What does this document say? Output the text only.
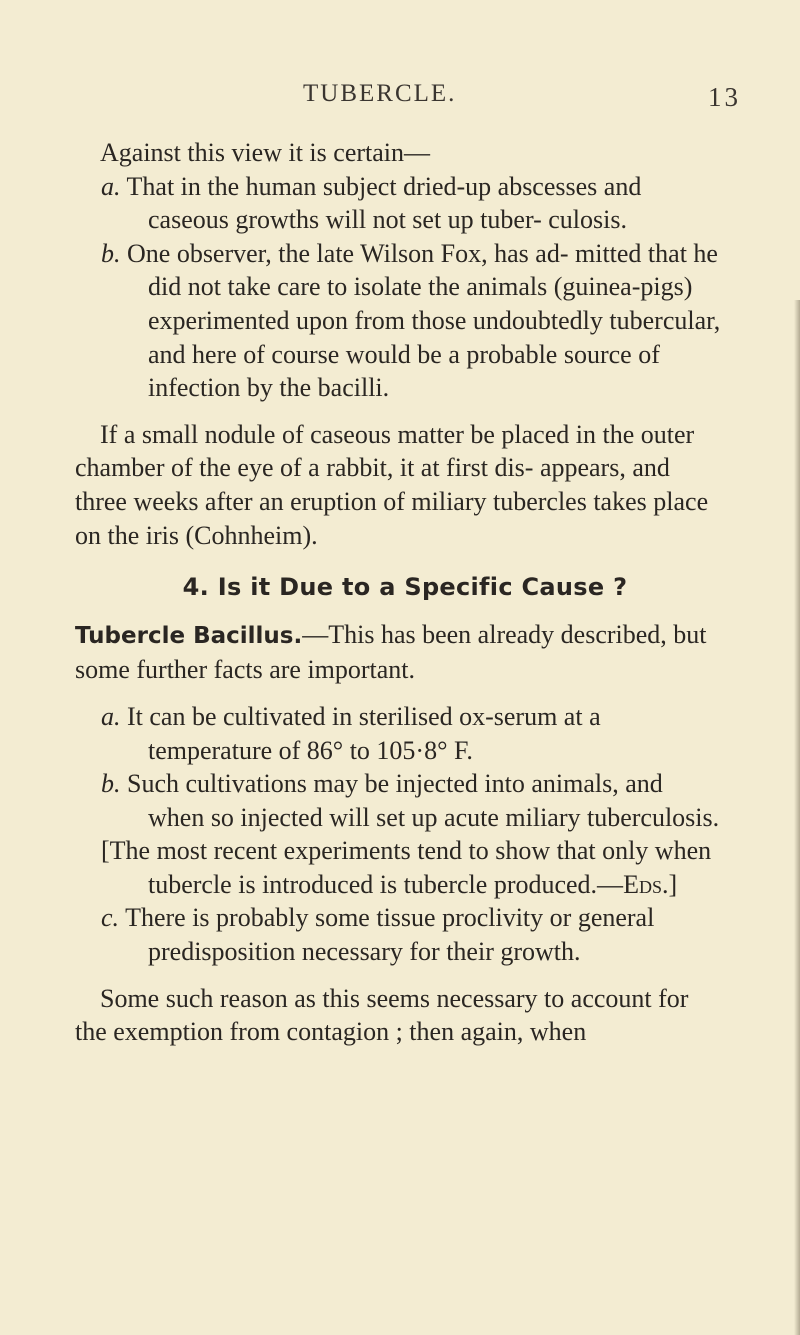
TUBERCLE.	13

Against this view it is certain—

a. That in the human subject dried-up abscesses and caseous growths will not set up tuber- culosis.

b. One observer, the late Wilson Fox, has ad- mitted that he did not take care to isolate the animals (guinea-pigs) experimented upon from those undoubtedly tubercular, and here of course would be a probable source of infection by the bacilli.

If a small nodule of caseous matter be placed in the outer chamber of the eye of a rabbit, it at first dis- appears, and three weeks after an eruption of miliary tubercles takes place on the iris (Cohnheim).

4. Is it Due to a Specific Cause ?

Tubercle Bacillus.—This has been already described, but some further facts are important.

a. It can be cultivated in sterilised ox-serum at a temperature of 86° to 105·8° F.

b. Such cultivations may be injected into animals, and when so injected will set up acute miliary tuberculosis.

[The most recent experiments tend to show that only when tubercle is introduced is tubercle produced.—Eds.]

c. There is probably some tissue proclivity or general predisposition necessary for their growth.

Some such reason as this seems necessary to account for the exemption from contagion ; then again, when
